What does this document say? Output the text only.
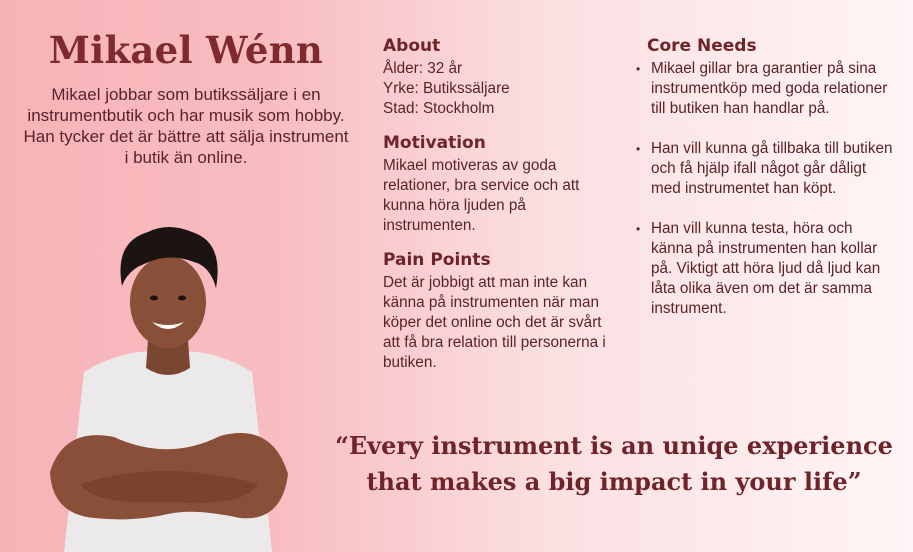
Mikael Wénn

Mikael jobbar som butikssäljare i en instrumentbutik och har musik som hobby. Han tycker det är bättre att sälja instrument i butik än online.

About

Ålder: 32 år

Yrke: Butikssäljare

Stad: Stockholm

Motivation

Mikael motiveras av goda relationer, bra service och att kunna höra ljuden på instrumenten.

Pain Points

Det är jobbigt att man inte kan känna på instrumenten när man köper det online och det är svårt att få bra relation till personerna i butiken.

Core Needs
• Mikael gillar bra garantier på sina instrumentköp med goda relationer till butiken han handlar på.
• Han vill kunna gå tillbaka till butiken och få hjälp ifall något går dåligt med instrumentet han köpt.
• Han vill kunna testa, höra och känna på instrumenten han kollar på. Viktigt att höra ljud då ljud kan låta olika även om det är samma instrument.

“Every instrument is an uniqe experience that makes a big impact in your life”
